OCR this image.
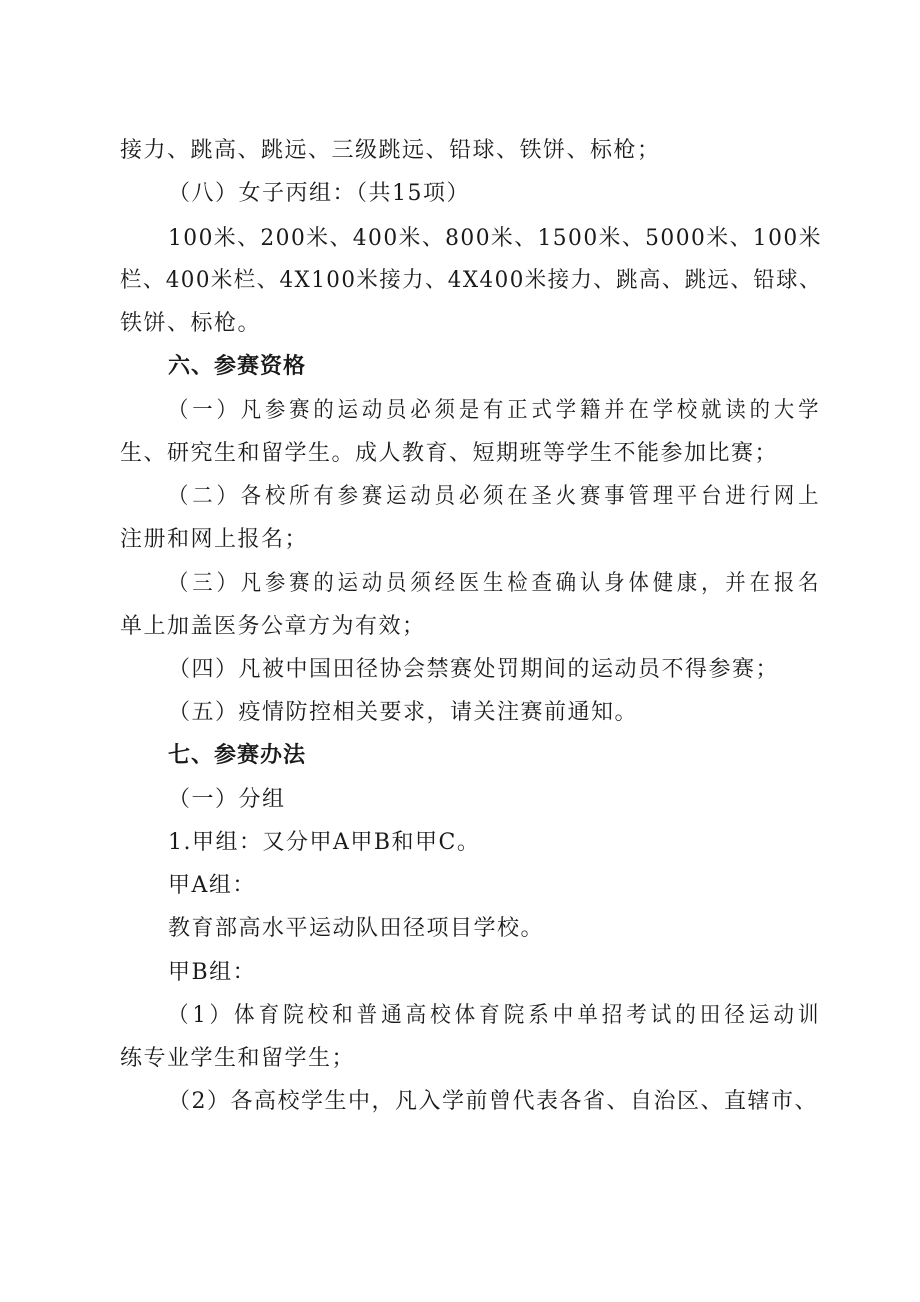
接力、跳高、跳远、三级跳远、铅球、铁饼、标枪；
（八）女子丙组：（共15项）
100米、200米、400米、800米、1500米、5000米、100米
栏、400米栏、4X100米接力、4X400米接力、跳高、跳远、铅球、
铁饼、标枪。
六、参赛资格
（一）凡参赛的运动员必须是有正式学籍并在学校就读的大学
生、研究生和留学生。成人教育、短期班等学生不能参加比赛；
（二）各校所有参赛运动员必须在圣火赛事管理平台进行网上
注册和网上报名；
（三）凡参赛的运动员须经医生检查确认身体健康，并在报名
单上加盖医务公章方为有效；
（四）凡被中国田径协会禁赛处罚期间的运动员不得参赛；
（五）疫情防控相关要求，请关注赛前通知。
七、参赛办法
（一）分组
1.甲组：又分甲A甲B和甲C。
甲A组：
教育部高水平运动队田径项目学校。
甲B组：
（1）体育院校和普通高校体育院系中单招考试的田径运动训
练专业学生和留学生；
（2）各高校学生中，凡入学前曾代表各省、自治区、直辖市、
